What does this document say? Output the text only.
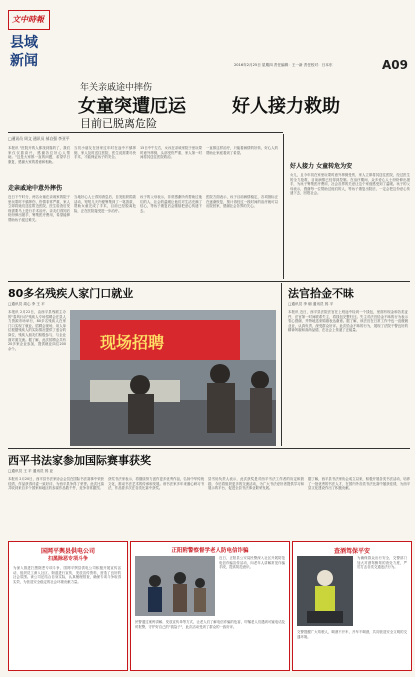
文中時報
县域
新闻	2016年2月25日 星期四 责任编辑：王一新 责任校对：日本东	A09
年关亲戚途中摔伤
女童突遭厄运	好人接力救助
目前已脱离危险
□通讯员 周文 通讯员 郝自强 李亚平
本报讯 "医院开的人都找到靠的了，我们家仅仅靠高兴，感谢各位好心人帮助。"这是大家都一直的问题，希望早日康复，感谢大家的善意和相助。
当初小朋友在回家过年时在途中不慎摔倒，家人及时送往医院，医生说需要尽快手术，才能保证孩子的安全。
15日中午左右，女孩在亲戚家院子里玩耍时意外摔倒，头部受伤严重，家人第一时间将其送往医院救治。
一直都这样治疗，只能看病情的好转，好心人的帮助让家庭看到了希望。
走亲戚途中意外摔伤
近日下午时分，两名女童在亲戚家的院子里玩耍时不慎摔伤，伤情非常严重，家人立即将她们送往附近医院，医生检查后发现需要马上进行手术治疗。亲友们得知后纷纷伸出援手，筹集医疗费用，希望能够帮助孩子渡过难关。
当地好心人士得知消息后，自发组织捐款活动，短短几天内便筹集到了一笔善款，帮助女童完成了手术，目前已经脱离危险，正在医院接受进一步治疗。
孩子的父母表示，非常感谢所有帮助过他们的人，社会的温暖让他们对生活充满了信心，等孩子康复后会继续把爱心传递下去。
医院方面表示，孩子目前病情稳定，各项指标正在逐渐恢复，预计再经过一段时间的治疗就可以出院回家，感谢社会各界的关心。
好人接力 女童转危为安
女儿，且今年初在家里玩耍时意外摔倒受伤，家人立即将其送往医院，经过医生的全力抢救，目前病情已经得到控制。在治疗期间，众多爱心人士纷纷伸出援手，为孩子筹集医疗费用，社会各界的关爱让这个家庭感受到了温暖。孩子的父母表示，感谢每一位帮助过他们的人，等孩子康复出院后，一定会把这份爱心传递下去，回报社会。
80多名残疾人家门口就业
□通讯员 周心 李 王 平
本报讯 2月22日，由西平县残联主办的"春风行动"残疾人专场招聘会在县人力资源市场举行，80多名残疾人在家门口实现了就业。招聘会现场，用人单位根据残疾人的实际情况提供了适合的岗位，残疾人朋友们积极参与，与企业面对面交流。据了解，此次招聘会共有20多家企业参加，提供就业岗位200余个。	现场招聘
法官拾金不昧
□通讯员 李 朝 通讯员 郭 平
本报讯 近日，西平县法院法官在上班途中捡到一个钱包，里面有现金和各类证件，法官第一时间联系失主，将钱包完整归还。失主对法官拾金不昧的行为表示衷心感谢，并特地送来锦旗表达谢意。据了解，该法官在日常工作中也一直兢兢业业，认真负责，深受群众好评。此次拾金不昧的行为，展现了法院干警良好的精神风貌和高尚品德，在社会上传递了正能量。
西平书法家参加国际赛事获奖
□通讯员 王 平 通讯员 郭 亚
本报讯 2月20日，西平县书法家协会会员在国际书法赛事中荣获佳绩，作品获得评委一致好评，为西平县争得了荣誉。此次比赛共收到来自多个国家和地区的参赛作品数千件，竞争非常激烈。
获奖书法家表示，将继续努力创作更多优秀作品，弘扬中华传统文化，推动书法艺术的传承和发展。该书法家多年来潜心研习书法，作品曾多次在各类比赛中获奖。
县书协负责人表示，此次获奖是对西平书法工作者的肯定和鼓励，今后将组织更多的交流活动，为广大书法爱好者提供学习和展示的平台，促进全县书法事业繁荣发展。
据了解，西平县书法家协会成立以来，积极开展各类书法活动，培养了一批优秀的书法人才，在国内外各类书法比赛中屡获佳绩，为西平县文化建设作出了积极贡献。
国网平舆县供电公司
扫黑除恶专项斗争
为深入推进扫黑除恶专项斗争，国网平舆县供电公司积极开展宣传活动，组织员工深入社区、街道进行宣传，发放宣传资料，营造了良好的社会氛围。该公司还结合自身实际，认真梳理排查，确保专项斗争取得实效，为营造安全稳定的社会环境贡献力量。
正阳附警察督学老人防电信诈骗
近日，正阳县公安局民警深入社区开展防范电信诈骗宣传活动，向老年人讲解常见诈骗手段，提高防范意识。
民警通过案例讲解、发放宣传单等方式，让老人们了解电信诈骗的危害，叮嘱老人们遇到可疑电话及时报警，守护好自己的"钱袋子"，此次活动受到了群众的一致好评。
查酒驾保平安
为确保群众出行安全，交警部门加大对酒驾醉驾的查处力度，严厉打击各类交通违法行为。
交警提醒广大驾驶人，喝酒不开车，开车不喝酒，共同营造安全文明的交通环境。
